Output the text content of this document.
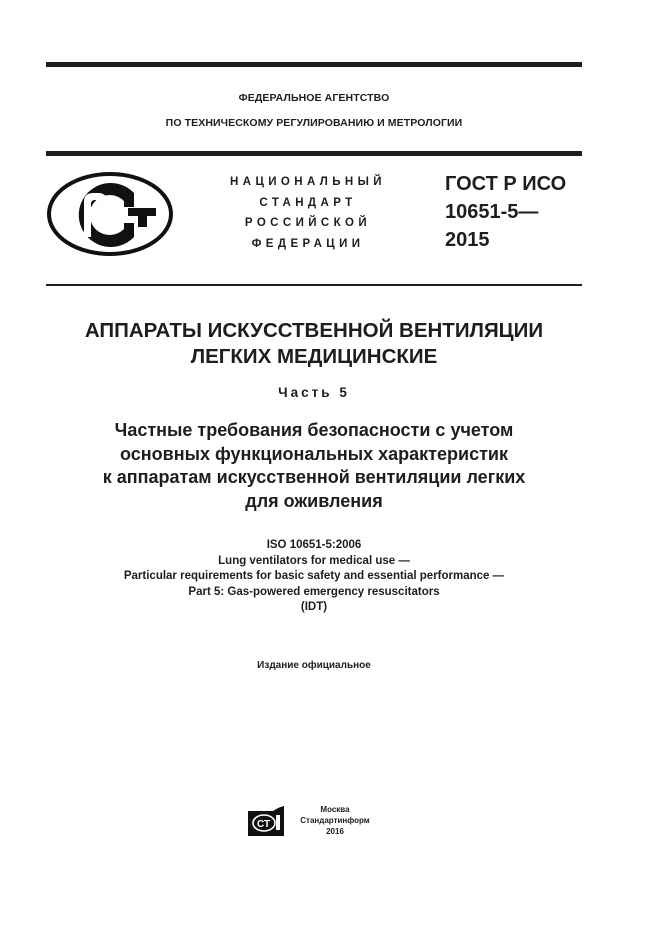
ФЕДЕРАЛЬНОЕ АГЕНТСТВО
ПО ТЕХНИЧЕСКОМУ РЕГУЛИРОВАНИЮ И МЕТРОЛОГИИ
НАЦИОНАЛЬНЫЙ
СТАНДАРТ
РОССИЙСКОЙ
ФЕДЕРАЦИИ
ГОСТ Р ИСО
10651-5—
2015
АППАРАТЫ ИСКУССТВЕННОЙ ВЕНТИЛЯЦИИ
ЛЕГКИХ МЕДИЦИНСКИЕ
Часть 5
Частные требования безопасности с учетом
основных функциональных характеристик
к аппаратам искусственной вентиляции легких
для оживления
ISO 10651-5:2006
Lung ventilators for medical use —
Particular requirements for basic safety and essential performance —
Part 5: Gas-powered emergency resuscitators
(IDT)
Издание официальное
СТ
Москва
Стандартинформ
2016
